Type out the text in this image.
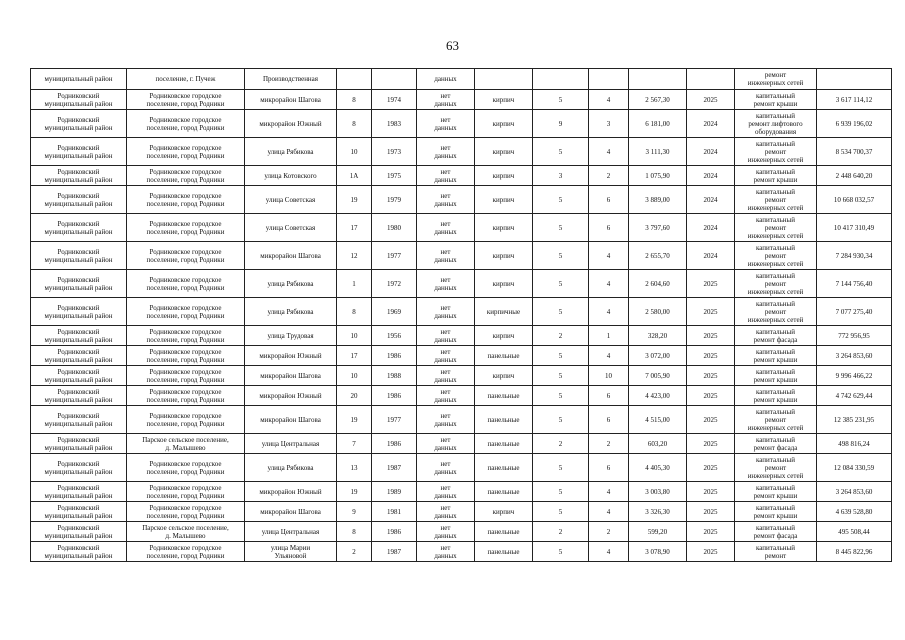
63
муниципальный район	поселение, г. Пучеж	Производственная			данных						ремонт
инженерных сетей	

Родниковский
муниципальный район	Родниковское городское
поселение, город Родники	микрорайон Шагова	8	1974	нет
данных	кирпич	5	4	2 567,30	2025	капитальный
ремонт крыши	3 617 114,12

Родниковский
муниципальный район	Родниковское городское
поселение, город Родники	микрорайон Южный	8	1983	нет
данных	кирпич	9	3	6 181,00	2024	капитальный
ремонт лифтового
оборудования	6 939 196,02

Родниковский
муниципальный район	Родниковское городское
поселение, город Родники	улица Рябикова	10	1973	нет
данных	кирпич	5	4	3 111,30	2024	капитальный
ремонт
инженерных сетей	8 534 700,37

Родниковский
муниципальный район	Родниковское городское
поселение, город Родники	улица Котовского	1А	1975	нет
данных	кирпич	3	2	1 075,90	2024	капитальный
ремонт крыши	2 448 640,20

Родниковский
муниципальный район	Родниковское городское
поселение, город Родники	улица Советская	19	1979	нет
данных	кирпич	5	6	3 889,00	2024	капитальный
ремонт
инженерных сетей	10 668 032,57

Родниковский
муниципальный район	Родниковское городское
поселение, город Родники	улица Советская	17	1980	нет
данных	кирпич	5	6	3 797,60	2024	капитальный
ремонт
инженерных сетей	10 417 310,49

Родниковский
муниципальный район	Родниковское городское
поселение, город Родники	микрорайон Шагова	12	1977	нет
данных	кирпич	5	4	2 655,70	2024	капитальный
ремонт
инженерных сетей	7 284 930,34

Родниковский
муниципальный район	Родниковское городское
поселение, город Родники	улица Рябикова	1	1972	нет
данных	кирпич	5	4	2 604,60	2025	капитальный
ремонт
инженерных сетей	7 144 756,40

Родниковский
муниципальный район	Родниковское городское
поселение, город Родники	улица Рябикова	8	1969	нет
данных	кирпичные	5	4	2 580,00	2025	капитальный
ремонт
инженерных сетей	7 077 275,40

Родниковский
муниципальный район	Родниковское городское
поселение, город Родники	улица Трудовая	10	1956	нет
данных	кирпич	2	1	328,20	2025	капитальный
ремонт фасада	772 956,95

Родниковский
муниципальный район	Родниковское городское
поселение, город Родники	микрорайон Южный	17	1986	нет
данных	панельные	5	4	3 072,00	2025	капитальный
ремонт крыши	3 264 853,60

Родниковский
муниципальный район	Родниковское городское
поселение, город Родники	микрорайон Шагова	10	1988	нет
данных	кирпич	5	10	7 005,90	2025	капитальный
ремонт крыши	9 996 466,22

Родниковский
муниципальный район	Родниковское городское
поселение, город Родники	микрорайон Южный	20	1986	нет
данных	панельные	5	6	4 423,00	2025	капитальный
ремонт крыши	4 742 629,44

Родниковский
муниципальный район	Родниковское городское
поселение, город Родники	микрорайон Шагова	19	1977	нет
данных	панельные	5	6	4 515,00	2025	капитальный
ремонт
инженерных сетей	12 385 231,95

Родниковский
муниципальный район	Парское сельское поселение,
д. Малышево	улица Центральная	7	1986	нет
данных	панельные	2	2	603,20	2025	капитальный
ремонт фасада	498 816,24

Родниковский
муниципальный район	Родниковское городское
поселение, город Родники	улица Рябикова	13	1987	нет
данных	панельные	5	6	4 405,30	2025	капитальный
ремонт
инженерных сетей	12 084 330,59

Родниковский
муниципальный район	Родниковское городское
поселение, город Родники	микрорайон Южный	19	1989	нет
данных	панельные	5	4	3 003,80	2025	капитальный
ремонт крыши	3 264 853,60

Родниковский
муниципальный район	Родниковское городское
поселение, город Родники	микрорайон Шагова	9	1981	нет
данных	кирпич	5	4	3 326,30	2025	капитальный
ремонт крыши	4 639 528,80

Родниковский
муниципальный район	Парское сельское поселение,
д. Малышево	улица Центральная	8	1986	нет
данных	панельные	2	2	599,20	2025	капитальный
ремонт фасада	495 508,44

Родниковский
муниципальный район	Родниковское городское
поселение, город Родники	улица Марии
Ульяновой	2	1987	нет
данных	панельные	5	4	3 078,90	2025	капитальный
ремонт	8 445 822,96
